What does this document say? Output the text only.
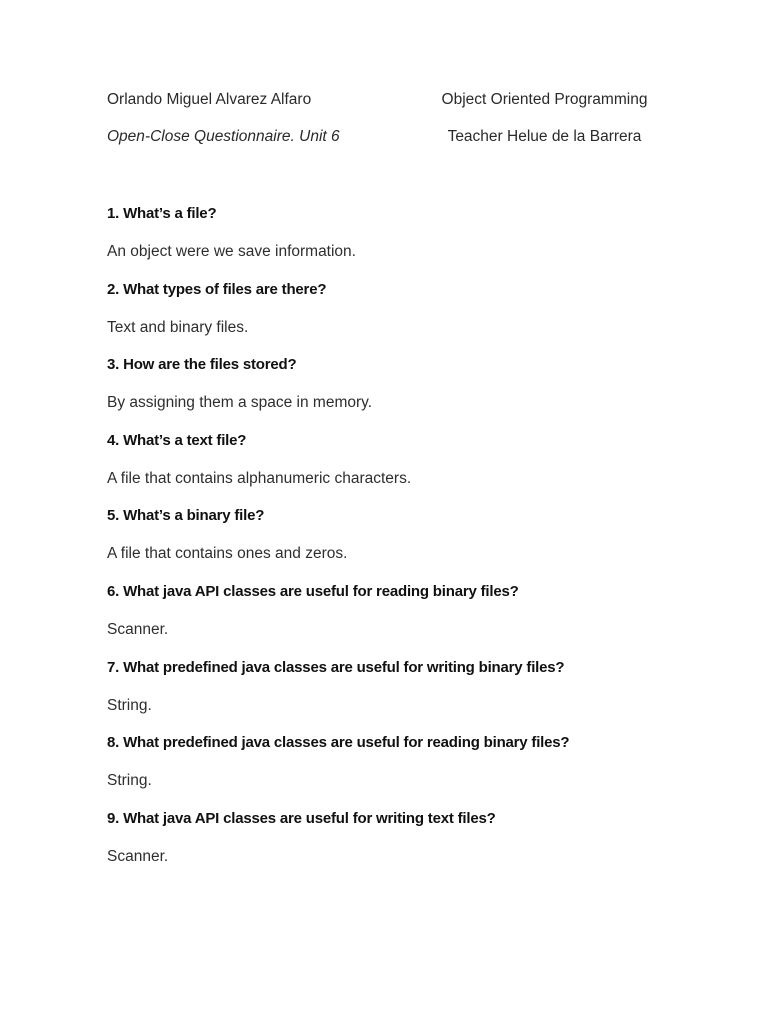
Orlando Miguel Alvarez Alfaro	Object Oriented Programming
Open-Close Questionnaire. Unit 6	Teacher Helue de la Barrera
1. What’s a file?
An object were we save information.
2. What types of files are there?
Text and binary files.
3. How are the files stored?
By assigning them a space in memory.
4. What’s a text file?
A file that contains alphanumeric characters.
5. What’s a binary file?
A file that contains ones and zeros.
6. What java API classes are useful for reading binary files?
Scanner.
7. What predefined java classes are useful for writing binary files?
String.
8. What predefined java classes are useful for reading binary files?
String.
9. What java API classes are useful for writing text files?
Scanner.
